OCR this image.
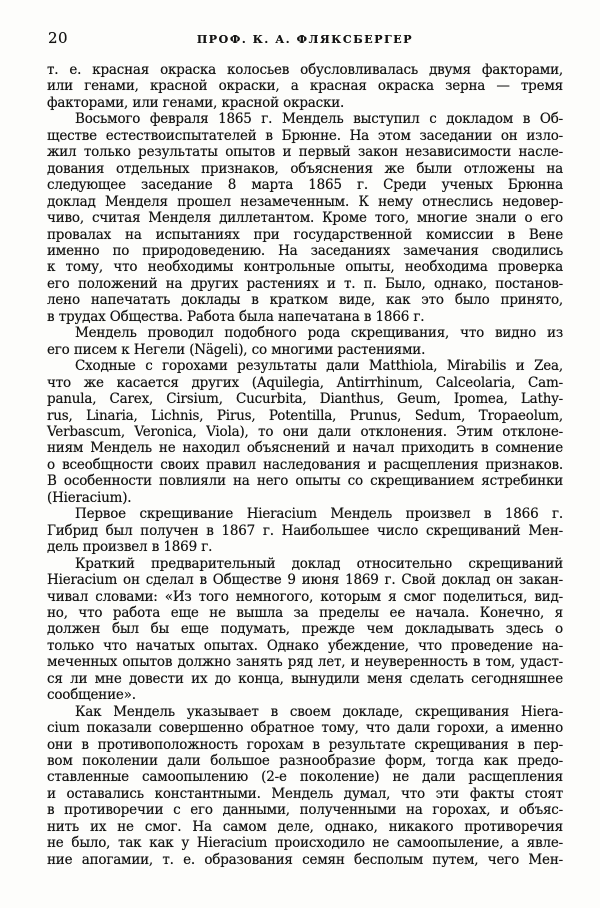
20	ПРОФ. К. А. ФЛЯКСБЕРГЕР

т. е. красная окраска колосьев обусловливалась двумя факторами,
или генами, красной окраски, а красная окраска зерна — тремя
факторами, или генами, красной окраски.

Восьмого февраля 1865 г. Мендель выступил с докладом в Об-
ществе естествоиспытателей в Брюнне. На этом заседании он изло-
жил только результаты опытов и первый закон независимости насле-
дования отдельных признаков, объяснения же были отложены на
следующее заседание 8 марта 1865 г. Среди ученых Брюнна
доклад Менделя прошел незамеченным. К нему отнеслись недовер-
чиво, считая Менделя диллетантом. Кроме того, многие знали о его
провалах на испытаниях при государственной комиссии в Вене
именно по природоведению. На заседаниях замечания сводились
к тому, что необходимы контрольные опыты, необходима проверка
его положений на других растениях и т. п. Было, однако, постанов-
лено напечатать доклады в кратком виде, как это было принято,
в трудах Общества. Работа была напечатана в 1866 г.

Мендель проводил подобного рода скрещивания, что видно из
его писем к Негели (Nägeli), со многими растениями.

Сходные с горохами результаты дали Matthiola, Mirabilis и Zea,
что же касается других (Aquilegia, Antirrhinum, Calceolaria, Cam-
panula, Carex, Cirsium, Cucurbita, Dianthus, Geum, Ipomea, Lathy-
rus, Linaria, Lichnis, Pirus, Potentilla, Prunus, Sedum, Tropaeolum,
Verbascum, Veronica, Viola), то они дали отклонения. Этим отклоне-
ниям Мендель не находил объяснений и начал приходить в сомнение
о всеобщности своих правил наследования и расщепления признаков.
В особенности повлияли на него опыты со скрещиванием ястребинки
(Hieracium).

Первое скрещивание Hieracium Мендель произвел в 1866 г.
Гибрид был получен в 1867 г. Наибольшее число скрещиваний Мен-
дель произвел в 1869 г.

Краткий предварительный доклад относительно скрещиваний
Hieracium он сделал в Обществе 9 июня 1869 г. Свой доклад он закан-
чивал словами: «Из того немногого, которым я смог поделиться, вид-
но, что работа еще не вышла за пределы ее начала. Конечно, я
должен был бы еще подумать, прежде чем докладывать здесь о
только что начатых опытах. Однако убеждение, что проведение на-
меченных опытов должно занять ряд лет, и неуверенность в том, удаст-
ся ли мне довести их до конца, вынудили меня сделать сегодняшнее
сообщение».

Как Мендель указывает в своем докладе, скрещивания Hiera-
cium показали совершенно обратное тому, что дали горохи, а именно
они в противоположность горохам в результате скрещивания в пер-
вом поколении дали большое разнообразие форм, тогда как предо-
ставленные самоопылению (2-е поколение) не дали расщепления
и оставались константными. Мендель думал, что эти факты стоят
в противоречии с его данными, полученными на горохах, и объяс-
нить их не смог. На самом деле, однако, никакого противоречия
не было, так как у Hieracium происходило не самоопыление, а явле-
ние апогамии, т. е. образования семян бесполым путем, чего Мен-
